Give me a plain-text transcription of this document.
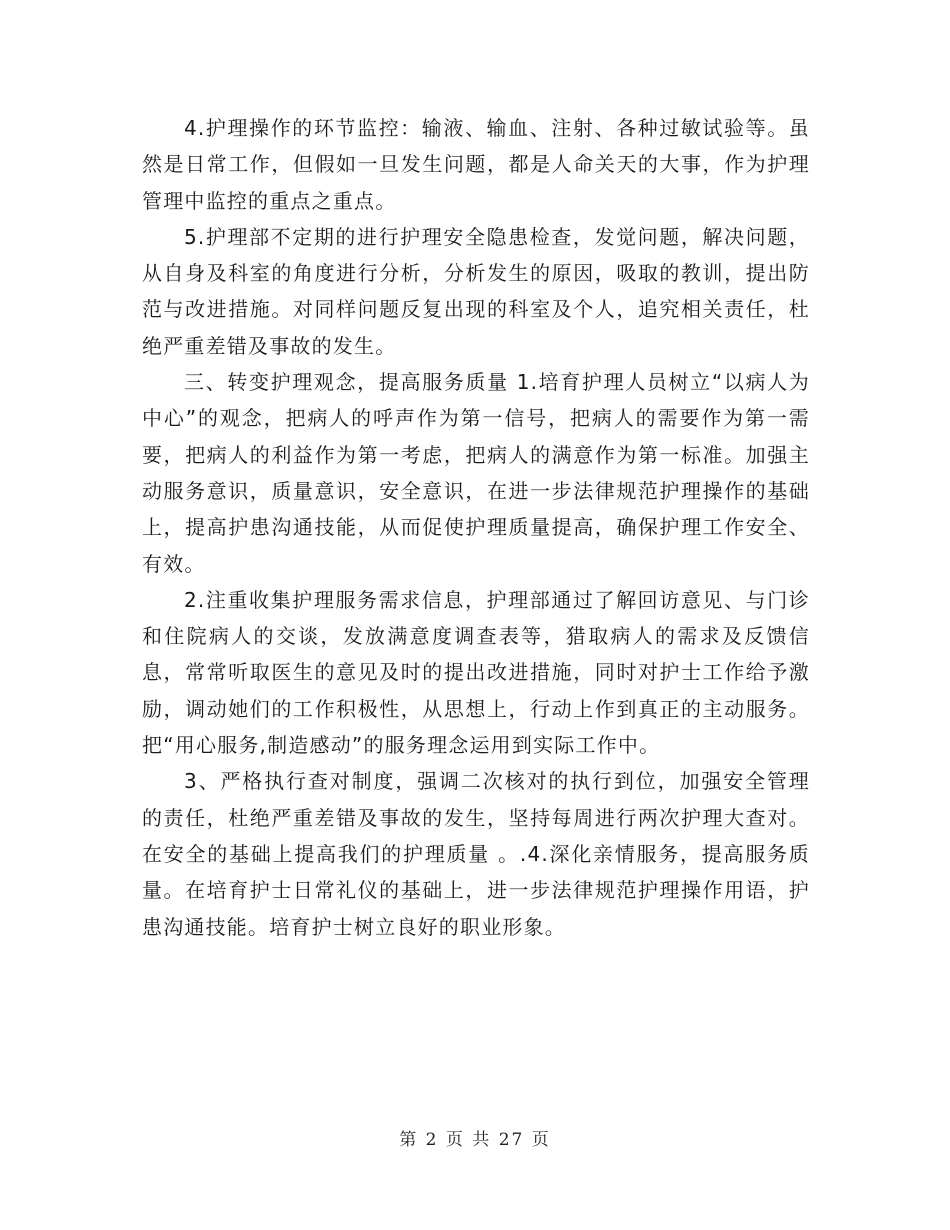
4.护理操作的环节监控：输液、输血、注射、各种过敏试验等。虽然是日常工作，但假如一旦发生问题，都是人命关天的大事，作为护理管理中监控的重点之重点。

5.护理部不定期的进行护理安全隐患检查，发觉问题，解决问题，从自身及科室的角度进行分析，分析发生的原因，吸取的教训，提出防范与改进措施。对同样问题反复出现的科室及个人，追究相关责任，杜绝严重差错及事故的发生。

三、转变护理观念，提高服务质量 1.培育护理人员树立“以病人为中心”的观念，把病人的呼声作为第一信号，把病人的需要作为第一需要，把病人的利益作为第一考虑，把病人的满意作为第一标准。加强主动服务意识，质量意识，安全意识，在进一步法律规范护理操作的基础上，提高护患沟通技能，从而促使护理质量提高，确保护理工作安全、有效。

2.注重收集护理服务需求信息，护理部通过了解回访意见、与门诊和住院病人的交谈，发放满意度调查表等，猎取病人的需求及反馈信息，常常听取医生的意见及时的提出改进措施，同时对护士工作给予激励，调动她们的工作积极性，从思想上，行动上作到真正的主动服务。把“用心服务,制造感动”的服务理念运用到实际工作中。

3、严格执行查对制度，强调二次核对的执行到位，加强安全管理的责任，杜绝严重差错及事故的发生，坚持每周进行两次护理大查对。在安全的基础上提高我们的护理质量 。.4.深化亲情服务，提高服务质量。在培育护士日常礼仪的基础上，进一步法律规范护理操作用语，护患沟通技能。培育护士树立良好的职业形象。

第 2 页 共 27 页
